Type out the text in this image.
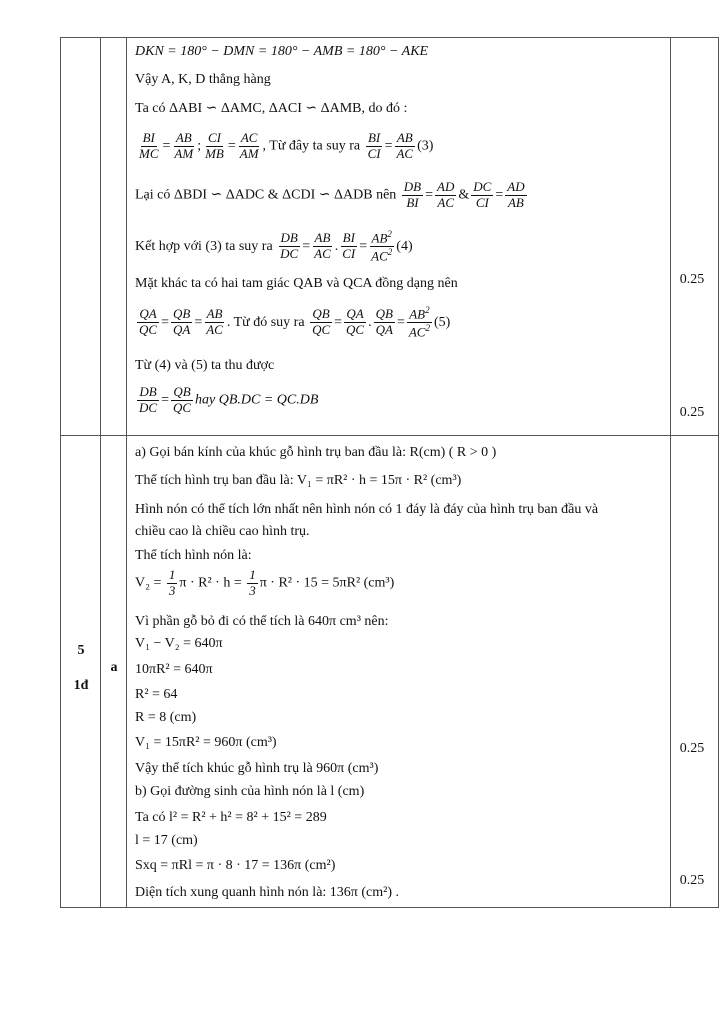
DKN = 180° − DMN = 180° − AMB = 180° − AKE
Vậy A, K, D thẳng hàng
Ta có ΔABI ∽ ΔAMC, ΔACI ∽ ΔAMB, do đó :
$\frac{BI}{MC} = \frac{AB}{AM}$ ; $\frac{CI}{MB} = \frac{AC}{AM}$ , Từ đây ta suy ra $\frac{BI}{CI} = \frac{AB}{AC} (3)$
Lại có ΔBDI ∽ ΔADC & ΔCDI ∽ ΔADB nên $\frac{DB}{BI} = \frac{AD}{AC}$ & $\frac{DC}{CI} = \frac{AD}{AB}$
Kết hợp với (3) ta suy ra $\frac{DB}{DC} = \frac{AB}{AC}$ . $\frac{BI}{CI} = \frac{AB^2}{AC^2} (4)$
Mặt khác ta có hai tam giác QAB và QCA đồng dạng nên
$\frac{QA}{QC} = \frac{QB}{QA} = \frac{AB}{AC}$ . Từ đó suy ra $\frac{QB}{QC} = \frac{QA}{QC}$ . $\frac{QB}{QA} = \frac{AB^2}{AC^2} (5)$
Từ (4) và (5) ta thu được
$\frac{DB}{DC} = \frac{QB}{QC}$ hay QB.DC = QC.DB
0.25
0.25
5
1đ
a
a) Gọi bán kính của khúc gỗ hình trụ ban đầu là: R(cm) ( R > 0 )
Thể tích hình trụ ban đầu là: V₁ = πR² · h = 15π · R² (cm³)
Hình nón có thể tích lớn nhất nên hình nón có 1 đáy là đáy của hình trụ ban đầu và
chiều cao là chiều cao hình trụ.
Thể tích hình nón là:
$V_2 = \frac{1}{3}$ $\pi \cdot R^2 \cdot h = \frac{1}{3}$ π · R² · 15 = 5πR² (cm³)
Vì phần gỗ bỏ đi có thể tích là 640π cm³ nên:
V₁ − V₂ = 640π
10πR² = 640π
R² = 64
R = 8 (cm)
V₁ = 15πR² = 960π (cm³)
Vậy thể tích khúc gỗ hình trụ là 960π (cm³)
b) Gọi đường sinh của hình nón là l (cm)
Ta có l² = R² + h² = 8² + 15² = 289
l = 17 (cm)
Sxq = πRl = π · 8 · 17 = 136π (cm²)
Diện tích xung quanh hình nón là: 136π (cm²) .
0.25
0.25
